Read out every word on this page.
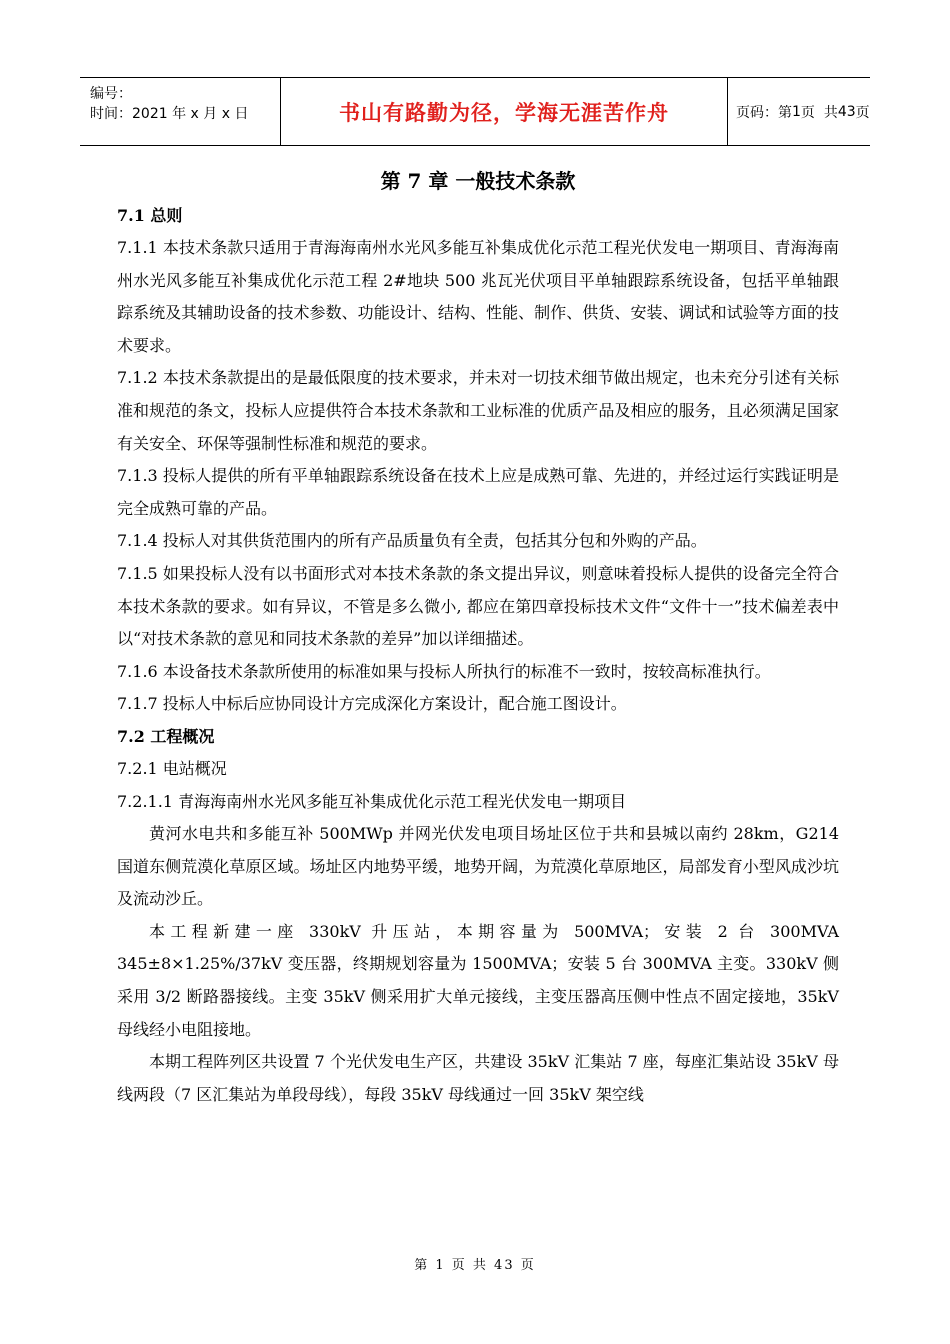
编号：
时间：2021 年 x 月 x 日	书山有路勤为径，学海无涯苦作舟	页码：第 1 页  共 43 页
第 7 章 一般技术条款
7.1 总则

7.1.1 本技术条款只适用于青海海南州水光风多能互补集成优化示范工程光伏发电一期项目、青海海南州水光风多能互补集成优化示范工程 2#地块 500 兆瓦光伏项目平单轴跟踪系统设备，包括平单轴跟踪系统及其辅助设备的技术参数、功能设计、结构、性能、制作、供货、安装、调试和试验等方面的技术要求。

7.1.2 本技术条款提出的是最低限度的技术要求，并未对一切技术细节做出规定，也未充分引述有关标准和规范的条文，投标人应提供符合本技术条款和工业标准的优质产品及相应的服务，且必须满足国家有关安全、环保等强制性标准和规范的要求。

7.1.3 投标人提供的所有平单轴跟踪系统设备在技术上应是成熟可靠、先进的，并经过运行实践证明是完全成熟可靠的产品。

7.1.4 投标人对其供货范围内的所有产品质量负有全责，包括其分包和外购的产品。

7.1.5 如果投标人没有以书面形式对本技术条款的条文提出异议，则意味着投标人提供的设备完全符合本技术条款的要求。如有异议，不管是多么微小, 都应在第四章投标技术文件“文件十一”技术偏差表中以“对技术条款的意见和同技术条款的差异”加以详细描述。

7.1.6 本设备技术条款所使用的标准如果与投标人所执行的标准不一致时，按较高标准执行。

7.1.7 投标人中标后应协同设计方完成深化方案设计，配合施工图设计。

7.2 工程概况

7.2.1 电站概况

7.2.1.1 青海海南州水光风多能互补集成优化示范工程光伏发电一期项目

黄河水电共和多能互补 500MWp 并网光伏发电项目场址区位于共和县城以南约 28km，G214 国道东侧荒漠化草原区域。场址区内地势平缓，地势开阔，为荒漠化草原地区，局部发育小型风成沙坑及流动沙丘。

本工程新建一座 330kV 升压站，本期容量为 500MVA；安装 2 台 300MVA 345±8×1.25%/37kV 变压器，终期规划容量为 1500MVA；安装 5 台 300MVA 主变。330kV 侧采用 3/2 断路器接线。主变 35kV 侧采用扩大单元接线，主变压器高压侧中性点不固定接地，35kV 母线经小电阻接地。

本期工程阵列区共设置 7 个光伏发电生产区，共建设 35kV 汇集站 7 座，每座汇集站设 35kV 母线两段（7 区汇集站为单段母线），每段 35kV 母线通过一回 35kV 架空线

第 1 页 共 43 页
